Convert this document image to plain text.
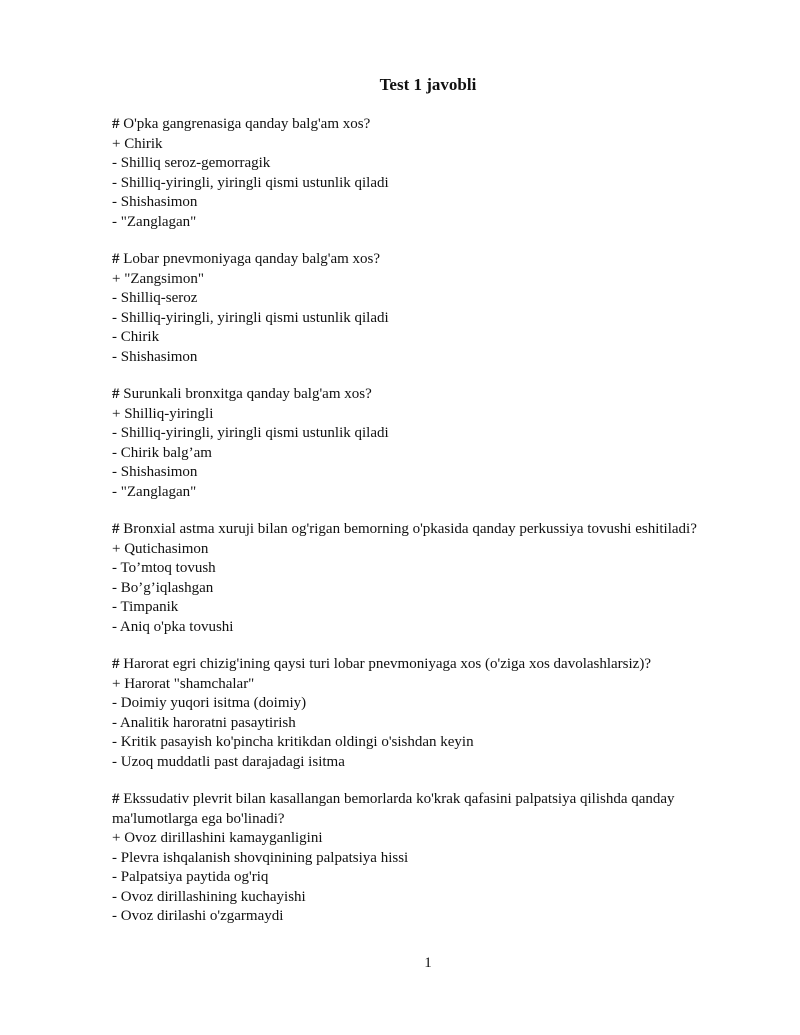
Test 1 javobli

# O'pka gangrenasiga qanday balg'am xos?

+ Chirik

- Shilliq seroz-gemorragik

- Shilliq-yiringli, yiringli qismi ustunlik qiladi

- Shishasimon

- "Zanglagan"

# Lobar pnevmoniyaga qanday balg'am xos?

+ "Zangsimon"

- Shilliq-seroz

- Shilliq-yiringli, yiringli qismi ustunlik qiladi

- Chirik

- Shishasimon

# Surunkali bronxitga qanday balg'am xos?

+ Shilliq-yiringli

- Shilliq-yiringli, yiringli qismi ustunlik qiladi

- Chirik balg’am

- Shishasimon

- "Zanglagan"

# Bronxial astma xuruji bilan og'rigan bemorning o'pkasida qanday perkussiya tovushi eshitiladi?

+ Qutichasimon

- To’mtoq tovush

- Bo’g’iqlashgan

- Timpanik

- Aniq o'pka tovushi

# Harorat egri chizig'ining qaysi turi lobar pnevmoniyaga xos (o'ziga xos davolashlarsiz)?

+ Harorat "shamchalar"

- Doimiy yuqori isitma (doimiy)

- Analitik haroratni pasaytirish

- Kritik pasayish ko'pincha kritikdan oldingi o'sishdan keyin

- Uzoq muddatli past darajadagi isitma

# Ekssudativ plevrit bilan kasallangan bemorlarda ko'krak qafasini palpatsiya qilishda qanday ma'lumotlarga ega bo'linadi?

+ Ovoz dirillashini kamayganligini

- Plevra ishqalanish shovqinining palpatsiya hissi

- Palpatsiya paytida og'riq

- Ovoz dirillashining kuchayishi

- Ovoz dirilashi o'zgarmaydi

1
